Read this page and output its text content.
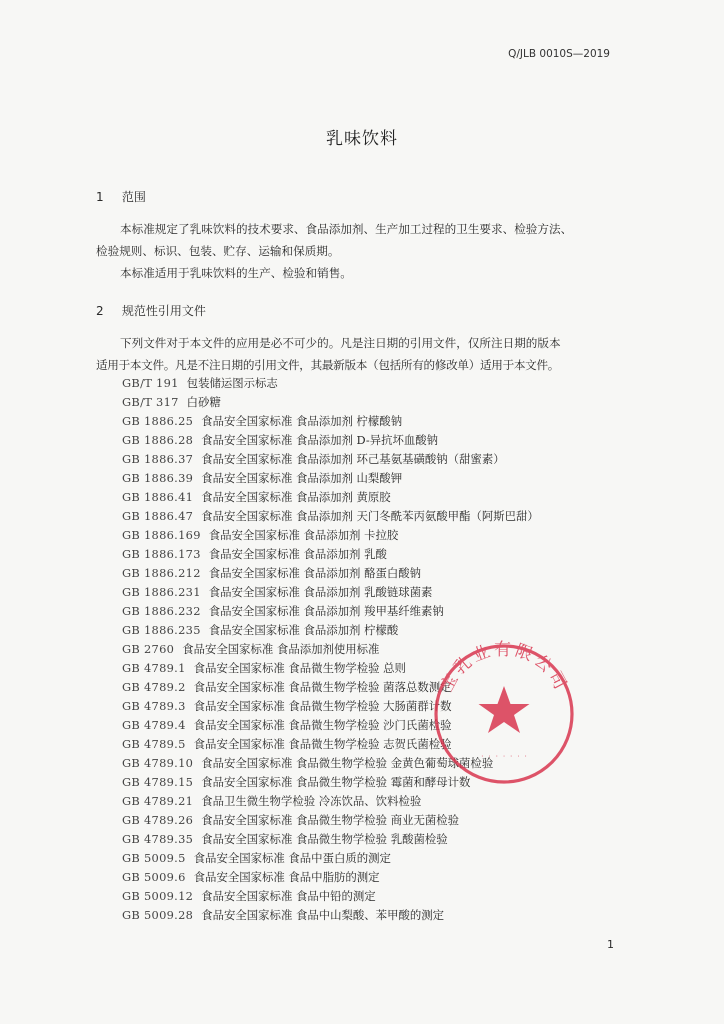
Q/JLB 0010S—2019
乳味饮料
1 范围
本标准规定了乳味饮料的技术要求、食品添加剂、生产加工过程的卫生要求、检验方法、
检验规则、标识、包装、贮存、运输和保质期。
本标准适用于乳味饮料的生产、检验和销售。
2 规范性引用文件
下列文件对于本文件的应用是必不可少的。凡是注日期的引用文件，仅所注日期的版本
适用于本文件。凡是不注日期的引用文件，其最新版本（包括所有的修改单）适用于本文件。
GB/T 191 包装储运图示标志
GB/T 317 白砂糖
GB 1886.25 食品安全国家标准 食品添加剂 柠檬酸钠
GB 1886.28 食品安全国家标准 食品添加剂 D-异抗坏血酸钠
GB 1886.37 食品安全国家标准 食品添加剂 环己基氨基磺酸钠（甜蜜素）
GB 1886.39 食品安全国家标准 食品添加剂 山梨酸钾
GB 1886.41 食品安全国家标准 食品添加剂 黄原胶
GB 1886.47 食品安全国家标准 食品添加剂 天门冬酰苯丙氨酸甲酯（阿斯巴甜）
GB 1886.169 食品安全国家标准 食品添加剂 卡拉胶
GB 1886.173 食品安全国家标准 食品添加剂 乳酸
GB 1886.212 食品安全国家标准 食品添加剂 酪蛋白酸钠
GB 1886.231 食品安全国家标准 食品添加剂 乳酸链球菌素
GB 1886.232 食品安全国家标准 食品添加剂 羧甲基纤维素钠
GB 1886.235 食品安全国家标准 食品添加剂 柠檬酸
GB 2760 食品安全国家标准 食品添加剂使用标准
GB 4789.1 食品安全国家标准 食品微生物学检验 总则
GB 4789.2 食品安全国家标准 食品微生物学检验 菌落总数测定
GB 4789.3 食品安全国家标准 食品微生物学检验 大肠菌群计数
GB 4789.4 食品安全国家标准 食品微生物学检验 沙门氏菌检验
GB 4789.5 食品安全国家标准 食品微生物学检验 志贺氏菌检验
GB 4789.10 食品安全国家标准 食品微生物学检验 金黄色葡萄球菌检验
GB 4789.15 食品安全国家标准 食品微生物学检验 霉菌和酵母计数
GB 4789.21 食品卫生微生物学检验 冷冻饮品、饮料检验
GB 4789.26 食品安全国家标准 食品微生物学检验 商业无菌检验
GB 4789.35 食品安全国家标准 食品微生物学检验 乳酸菌检验
GB 5009.5 食品安全国家标准 食品中蛋白质的测定
GB 5009.6 食品安全国家标准 食品中脂肪的测定
GB 5009.12 食品安全国家标准 食品中铅的测定
GB 5009.28 食品安全国家标准 食品中山梨酸、苯甲酸的测定
宝乳业有限公司
· · · · · · ·
1
